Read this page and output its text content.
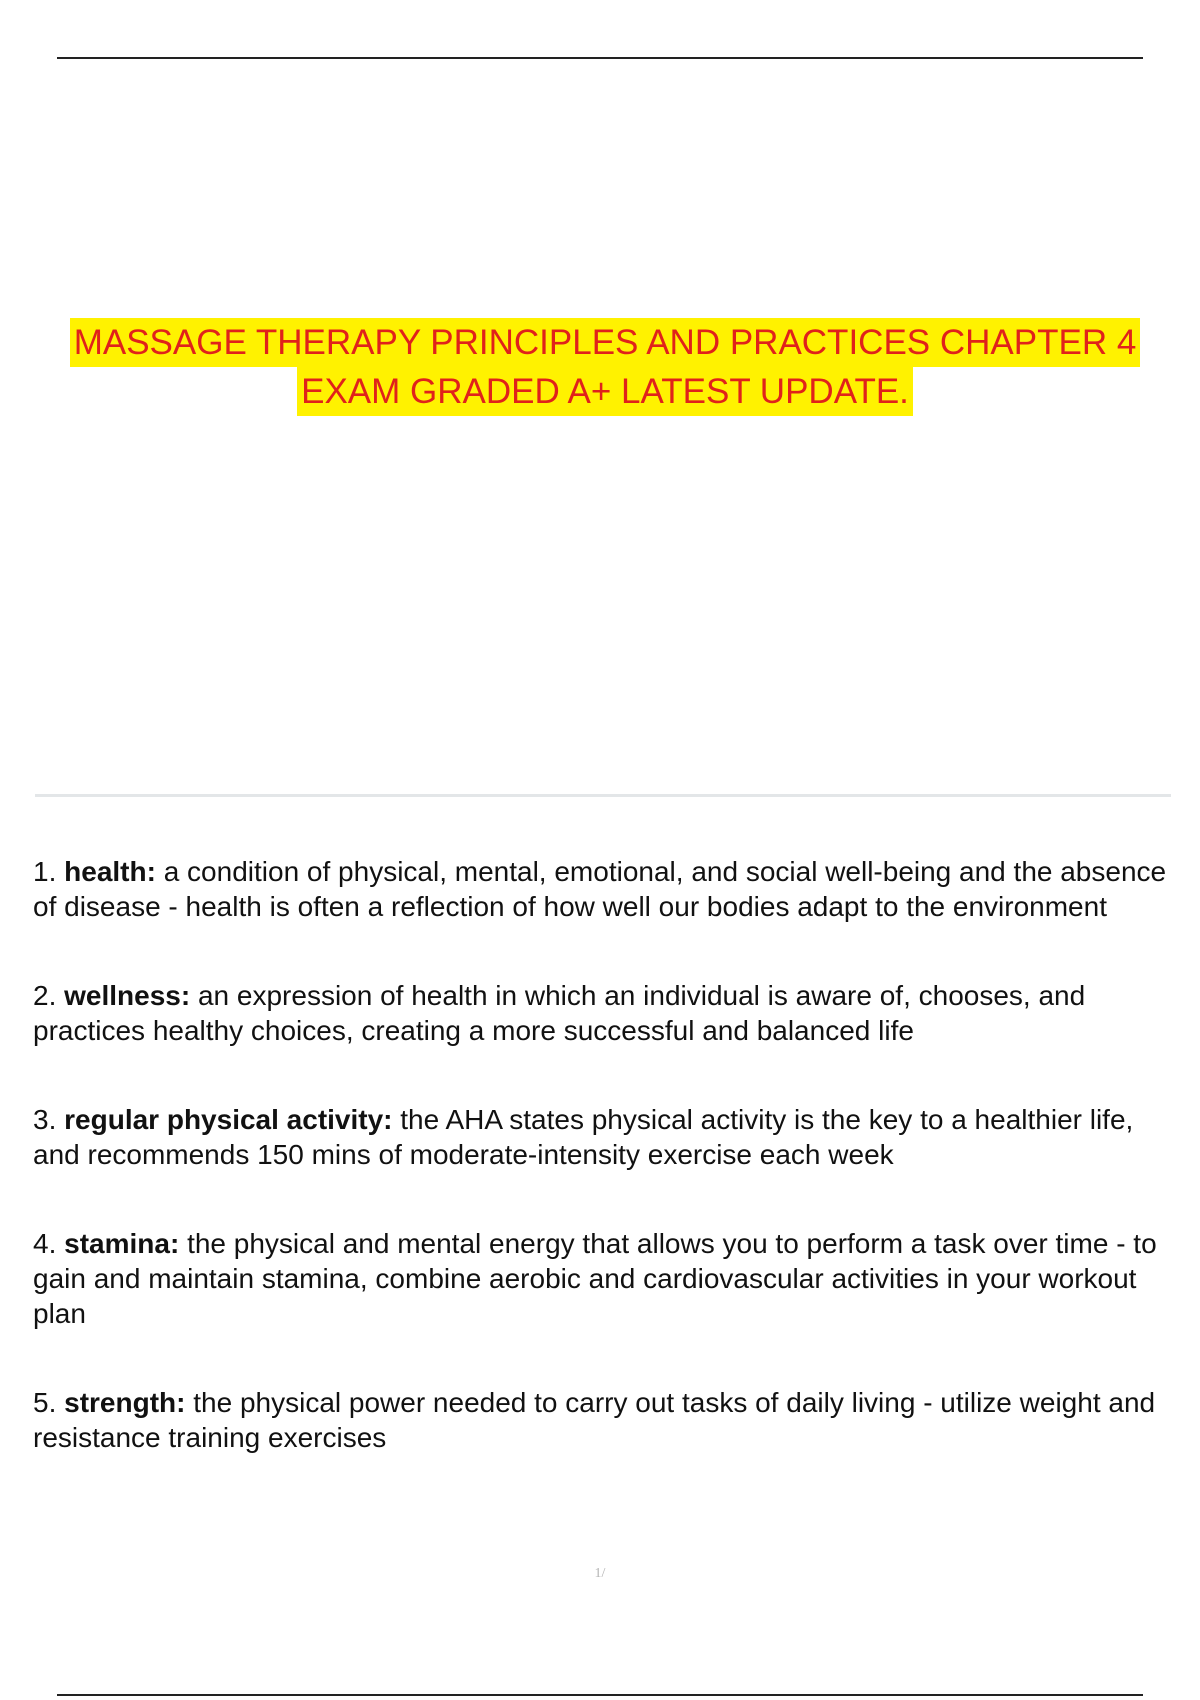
MASSAGE THERAPY PRINCIPLES AND PRACTICES CHAPTER 4
EXAM GRADED A+ LATEST UPDATE.
1. health: a condition of physical, mental, emotional, and social well-being and the absence of disease - health is often a reflection of how well our bodies adapt to the environment
2. wellness: an expression of health in which an individual is aware of, chooses, and practices healthy choices, creating a more successful and balanced life
3. regular physical activity: the AHA states physical activity is the key to a healthier life, and recommends 150 mins of moderate-intensity exercise each week
4. stamina: the physical and mental energy that allows you to perform a task over time - to gain and maintain stamina, combine aerobic and cardiovascular activities in your workout plan
5. strength: the physical power needed to carry out tasks of daily living - utilize weight and resistance training exercises
1/
